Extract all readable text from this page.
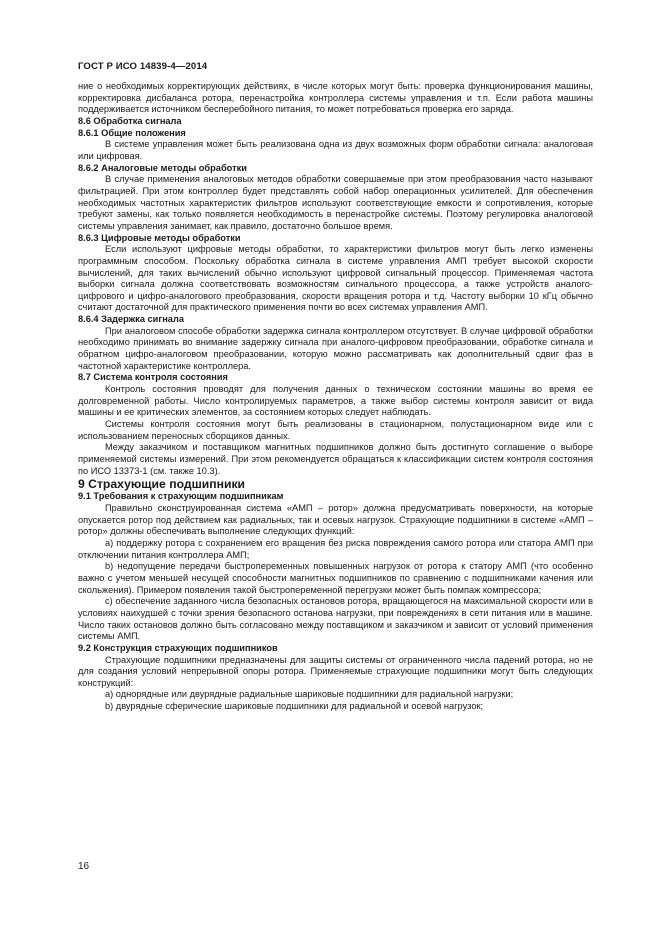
ГОСТ Р ИСО 14839-4—2014

ние о необходимых корректирующих действиях, в числе которых могут быть: проверка функционирования машины, корректировка дисбаланса ротора, перенастройка контроллера системы управления и т.п. Если работа машины поддерживается источником бесперебойного питания, то может потребоваться проверка его заряда.

8.6 Обработка сигнала

8.6.1 Общие положения

В системе управления может быть реализована одна из двух возможных форм обработки сигнала: аналоговая или цифровая.

8.6.2 Аналоговые методы обработки

В случае применения аналоговых методов обработки совершаемые при этом преобразования часто называют фильтрацией. При этом контроллер будет представлять собой набор операционных усилителей. Для обеспечения необходимых частотных характеристик фильтров используют соответствующие емкости и сопротивления, которые требуют замены, как только появляется необходимость в перенастройке системы. Поэтому регулировка аналоговой системы управления занимает, как правило, достаточно большое время.

8.6.3 Цифровые методы обработки

Если используют цифровые методы обработки, то характеристики фильтров могут быть легко изменены программным способом. Поскольку обработка сигнала в системе управления АМП требует высокой скорости вычислений, для таких вычислений обычно используют цифровой сигнальный процессор. Применяемая частота выборки сигнала должна соответствовать возможностям сигнального процессора, а также устройств аналого-цифрового и цифро-аналогового преобразования, скорости вращения ротора и т.д. Частоту выборки 10 кГц обычно считают достаточной для практического применения почти во всех системах управления АМП.

8.6.4 Задержка сигнала

При аналоговом способе обработки задержка сигнала контроллером отсутствует. В случае цифровой обработки необходимо принимать во внимание задержку сигнала при аналого-цифровом преобразовании, обработке сигнала и обратном цифро-аналоговом преобразовании, которую можно рассматривать как дополнительный сдвиг фаз в частотной характеристике контроллера.

8.7 Система контроля состояния

Контроль состояния проводят для получения данных о техническом состоянии машины во время ее долговременной работы. Число контролируемых параметров, а также выбор системы контроля зависит от вида машины и ее критических элементов, за состоянием которых следует наблюдать.

Системы контроля состояния могут быть реализованы в стационарном, полустационарном виде или с использованием переносных сборщиков данных.

Между заказчиком и поставщиком магнитных подшипников должно быть достигнуто соглашение о выборе применяемой системы измерений. При этом рекомендуется обращаться к классификации систем контроля состояния по ИСО 13373-1 (см. также 10.3).

9 Страхующие подшипники

9.1 Требования к страхующим подшипникам

Правильно сконструированная система «АМП – ротор» должна предусматривать поверхности, на которые опускается ротор под действием как радиальных, так и осевых нагрузок. Страхующие подшипники в системе «АМП – ротор» должны обеспечивать выполнение следующих функций:

a) поддержку ротора с сохранением его вращения без риска повреждения самого ротора или статора АМП при отключении питания контроллера АМП;

b) недопущение передачи быстропеременных повышенных нагрузок от ротора к статору АМП (что особенно важно с учетом меньшей несущей способности магнитных подшипников по сравнению с подшипниками качения или скольжения). Примером появления такой быстропеременной перегрузки может быть помпаж компрессора;

c) обеспечение заданного числа безопасных остановов ротора, вращающегося на максимальной скорости или в условиях наихудшей с точки зрения безопасного останова нагрузки, при повреждениях в сети питания или в машине. Число таких остановов должно быть согласовано между поставщиком и заказчиком и зависит от условий применения системы АМП.

9.2 Конструкция страхующих подшипников

Страхующие подшипники предназначены для защиты системы от ограниченного числа падений ротора, но не для создания условий непрерывной опоры ротора. Применяемые страхующие подшипники могут быть следующих конструкций:

a) однорядные или двурядные радиальные шариковые подшипники для радиальной нагрузки;

b) двурядные сферические шариковые подшипники для радиальной и осевой нагрузок;

16
